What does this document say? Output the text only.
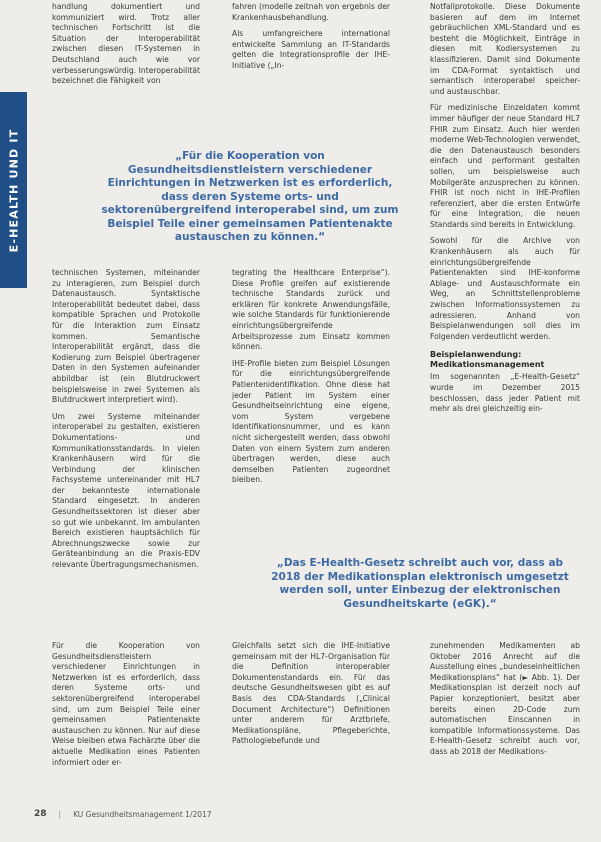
E-HEALTH UND IT

handlung dokumentiert und kommuniziert wird. Trotz aller technischen Fortschritt ist die Situation der Interoperabilität zwischen diesen IT-Systemen in Deutschland auch wie vor verbesserungswürdig. Interoperabilität bezeichnet die Fähigkeit von

fahren (modelle zeitnah von ergebnis der Krankenhausbehandlung.

Als umfangreichere international entwickelte Sammlung an IT-Standards gelten die Integrationsprofile der IHE-Initiative („In-

Notfallprotokolle. Diese Dokumente basieren auf dem im Internet gebräuchlichen XML-Standard und es besteht die Möglichkeit, Einträge in diesen mit Kodiersystemen zu klassifizieren. Damit sind Dokumente im CDA-Format syntaktisch und semantisch interoperabel speicher- und austauschbar.

Für medizinische Einzeldaten kommt immer häufiger der neue Standard HL7 FHIR zum Einsatz. Auch hier werden moderne Web-Technologien verwendet, die den Datenaustausch besonders einfach und performant gestalten sollen, um beispielsweise auch Mobilgeräte anzusprechen zu können. FHIR ist noch nicht in IHE-Profilen referenziert, aber die ersten Entwürfe für eine Integration, die neuen Standards sind bereits in Entwicklung.

Sowohl für die Archive von Krankenhäusern als auch für einrichtungsübergreifende Patientenakten sind IHE-konforme Ablage- und Austauschformate ein Weg, an Schnittstellenprobleme zwischen Informationssystemen zu adressieren. Anhand von Beispielanwendungen soll dies im Folgenden verdeutlicht werden.

Beispielanwendung: Medikationsmanagement

Im sogenannten „E-Health-Gesetz“ wurde im Dezember 2015 beschlossen, dass jeder Patient mit mehr als drei gleichzeitig ein-

„Für die Kooperation von Gesundheitsdienstleistern verschiedener Einrichtungen in Netzwerken ist es erforderlich, dass deren Systeme orts- und sektorenübergreifend interoperabel sind, um zum Beispiel Teile einer gemeinsamen Patientenakte austauschen zu können.“

technischen Systemen, miteinander zu interagieren, zum Beispiel durch Datenaustausch. Syntaktische Interoperabilität bedeutet dabei, dass kompatible Sprachen und Protokolle für die Interaktion zum Einsatz kommen. Semantische Interoperabilität ergänzt, dass die Kodierung zum Beispiel übertragener Daten in den Systemen aufeinander abbildbar ist (ein Blutdruckwert beispielsweise in zwei Systemen als Blutdruckwert interpretiert wird).

Um zwei Systeme miteinander interoperabel zu gestalten, existieren Dokumentations- und Kommunikationsstandards. In vielen Krankenhäusern wird für die Verbindung der klinischen Fachsysteme untereinander mit HL7 der bekannteste internationale Standard eingesetzt. In anderen Gesundheitssektoren ist dieser aber so gut wie unbekannt. Im ambulanten Bereich existieren hauptsächlich für Abrechnungszwecke sowie zur Geräteanbindung an die Praxis-EDV relevante Übertragungsmechanismen.

tegrating the Healthcare Enterprise“). Diese Profile greifen auf existierende technische Standards zurück und erklären für konkrete Anwendungsfälle, wie solche Standards für funktionierende einrichtungsübergreifende Arbeitsprozesse zum Einsatz kommen können.

IHE-Profile bieten zum Beispiel Lösungen für die einrichtungsübergreifende Patientenidentifikation. Ohne diese hat jeder Patient im System einer Gesundheitseinrichtung eine eigene, vom System vergebene Identifikationsnummer, und es kann nicht sichergestellt werden, dass obwohl Daten von einem System zum anderen übertragen werden, diese auch demselben Patienten zugeordnet bleiben.

„Das E-Health-Gesetz schreibt auch vor, dass ab 2018 der Medikationsplan elektronisch umgesetzt werden soll, unter Einbezug der elektronischen Gesundheitskarte (eGK).“

Für die Kooperation von Gesundheitsdienstleistern verschiedener Einrichtungen in Netzwerken ist es erforderlich, dass deren Systeme orts- und sektorenübergreifend interoperabel sind, um zum Beispiel Teile einer gemeinsamen Patientenakte austauschen zu können. Nur auf diese Weise bleiben etwa Fachärzte über die aktuelle Medikation eines Patienten informiert oder er-

Gleichfalls setzt sich die IHE-Initiative gemeinsam mit der HL7-Organisation für die Definition interoperabler Dokumentenstandards ein. Für das deutsche Gesundheitswesen gibt es auf Basis des CDA-Standards („Clinical Document Architecture“) Definitionen unter anderem für Arztbriefe, Medikationspläne, Pflegeberichte, Pathologiebefunde und

zunehmenden Medikamenten ab Oktober 2016 Anrecht auf die Ausstellung eines „bundeseinheitlichen Medikationsplans“ hat (► Abb. 1). Der Medikationsplan ist derzeit noch auf Papier konzeptioniert, besitzt aber bereits einen 2D-Code zum automatischen Einscannen in kompatible Informationssysteme. Das E-Health-Gesetz schreibt auch vor, dass ab 2018 der Medikations-

28 | KU Gesundheitsmanagement 1/2017
